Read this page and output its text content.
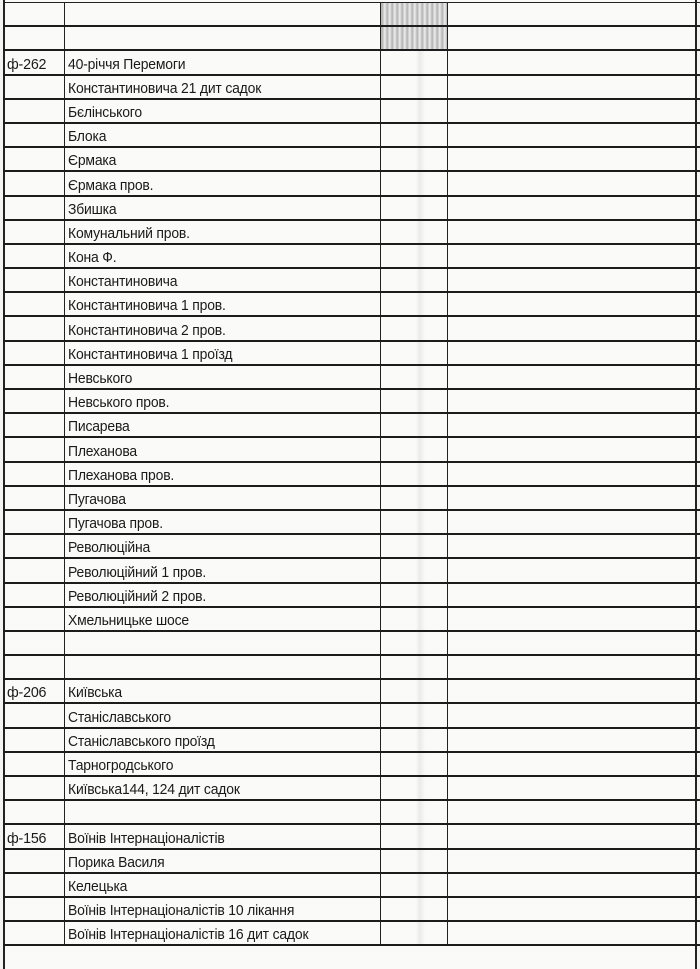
ф-262	40-річчя Перемоги		
	Константиновича 21 дит садок		
	Бєлінського		
	Блока		
	Єрмака		
	Єрмака пров.		
	Збишка		
	Комунальний пров.		
	Кона Ф.		
	Константиновича		
	Константиновича 1 пров.		
	Константиновича 2 пров.		
	Константиновича 1 проїзд		
	Невського		
	Невського пров.		
	Писарева		
	Плеханова		
	Плеханова пров.		
	Пугачова		
	Пугачова пров.		
	Революційна		
	Революційний 1 пров.		
	Революційний 2 пров.		
	Хмельницьке шосе		

ф-206	Київська		
	Станіславського		
	Станіславського проїзд		
	Тарногродського		
	Київська144, 124 дит садок		

ф-156	Воїнів Інтернаціоналістів		
	Порика Василя		
	Келецька		
	Воїнів Інтернаціоналістів 10 лікання		
	Воїнів Інтернаціоналістів 16 дит садок		
